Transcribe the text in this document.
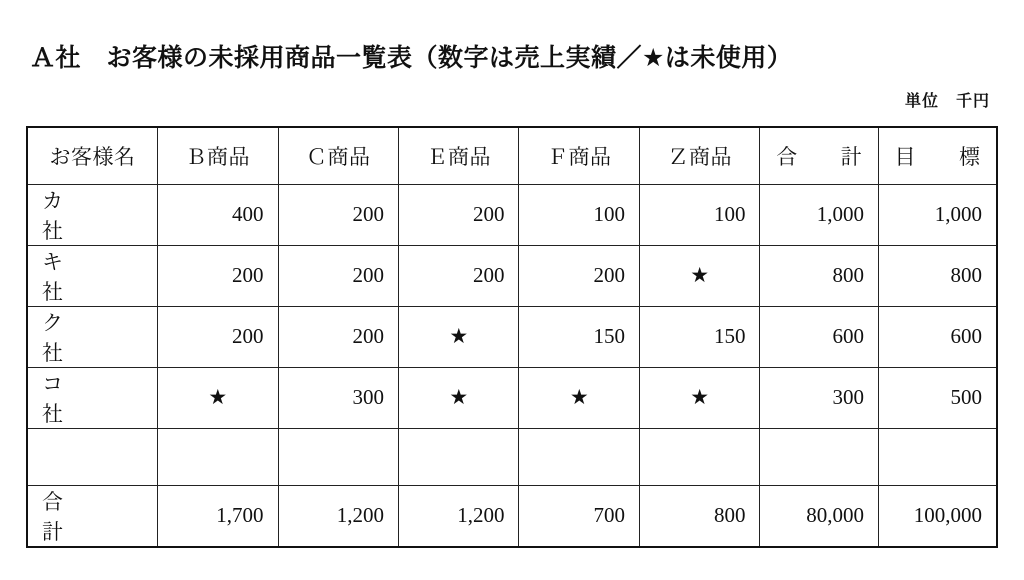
Ａ社　お客様の未採用商品一覧表（数字は売上実績／★は未使用）
単位　千円
お客様名	Ｂ商品	Ｃ商品	Ｅ商品	Ｆ商品	Ｚ商品	合　　計	目　　標
カ　　社	400	200	200	100	100	1,000	1,000
キ　　社	200	200	200	200	★	800	800
ク　　社	200	200	★	150	150	600	600
コ　　社	★	300	★	★	★	300	500

合　　計	1,700	1,200	1,200	700	800	80,000	100,000
